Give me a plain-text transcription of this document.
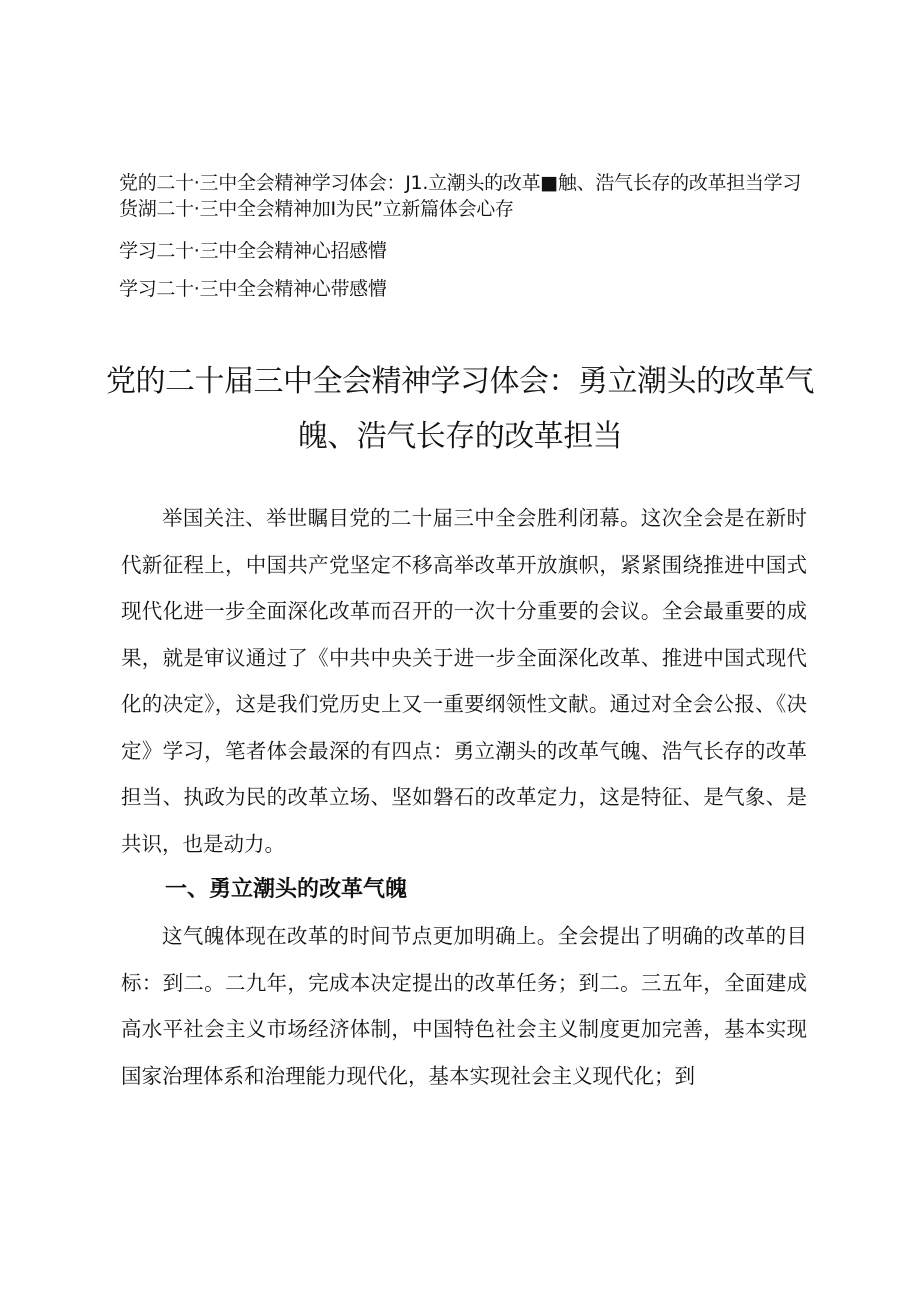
党的二十·三中全会精神学习体会：J1.立潮头的改革■触、浩气长存的改革担当学习
货湖二十·三中全会精神加I为民”立新篇体会心存
学习二十·三中全会精神心招感懵
学习二十·三中全会精神心带感懵
党的二十届三中全会精神学习体会：勇立潮头的改革气
魄、浩气长存的改革担当

举国关注、举世瞩目党的二十届三中全会胜利闭幕。这次全会是在新时代新征程上，中国共产党坚定不移高举改革开放旗帜，紧紧围绕推进中国式现代化进一步全面深化改革而召开的一次十分重要的会议。全会最重要的成果，就是审议通过了《中共中央关于进一步全面深化改革、推进中国式现代化的决定》，这是我们党历史上又一重要纲领性文献。通过对全会公报、《决定》学习，笔者体会最深的有四点：勇立潮头的改革气魄、浩气长存的改革担当、执政为民的改革立场、坚如磐石的改革定力，这是特征、是气象、是共识，也是动力。

一、勇立潮头的改革气魄

这气魄体现在改革的时间节点更加明确上。全会提出了明确的改革的目标：到二。二九年，完成本决定提出的改革任务；到二。三五年，全面建成高水平社会主义市场经济体制，中国特色社会主义制度更加完善，基本实现国家治理体系和治理能力现代化，基本实现社会主义现代化；到
